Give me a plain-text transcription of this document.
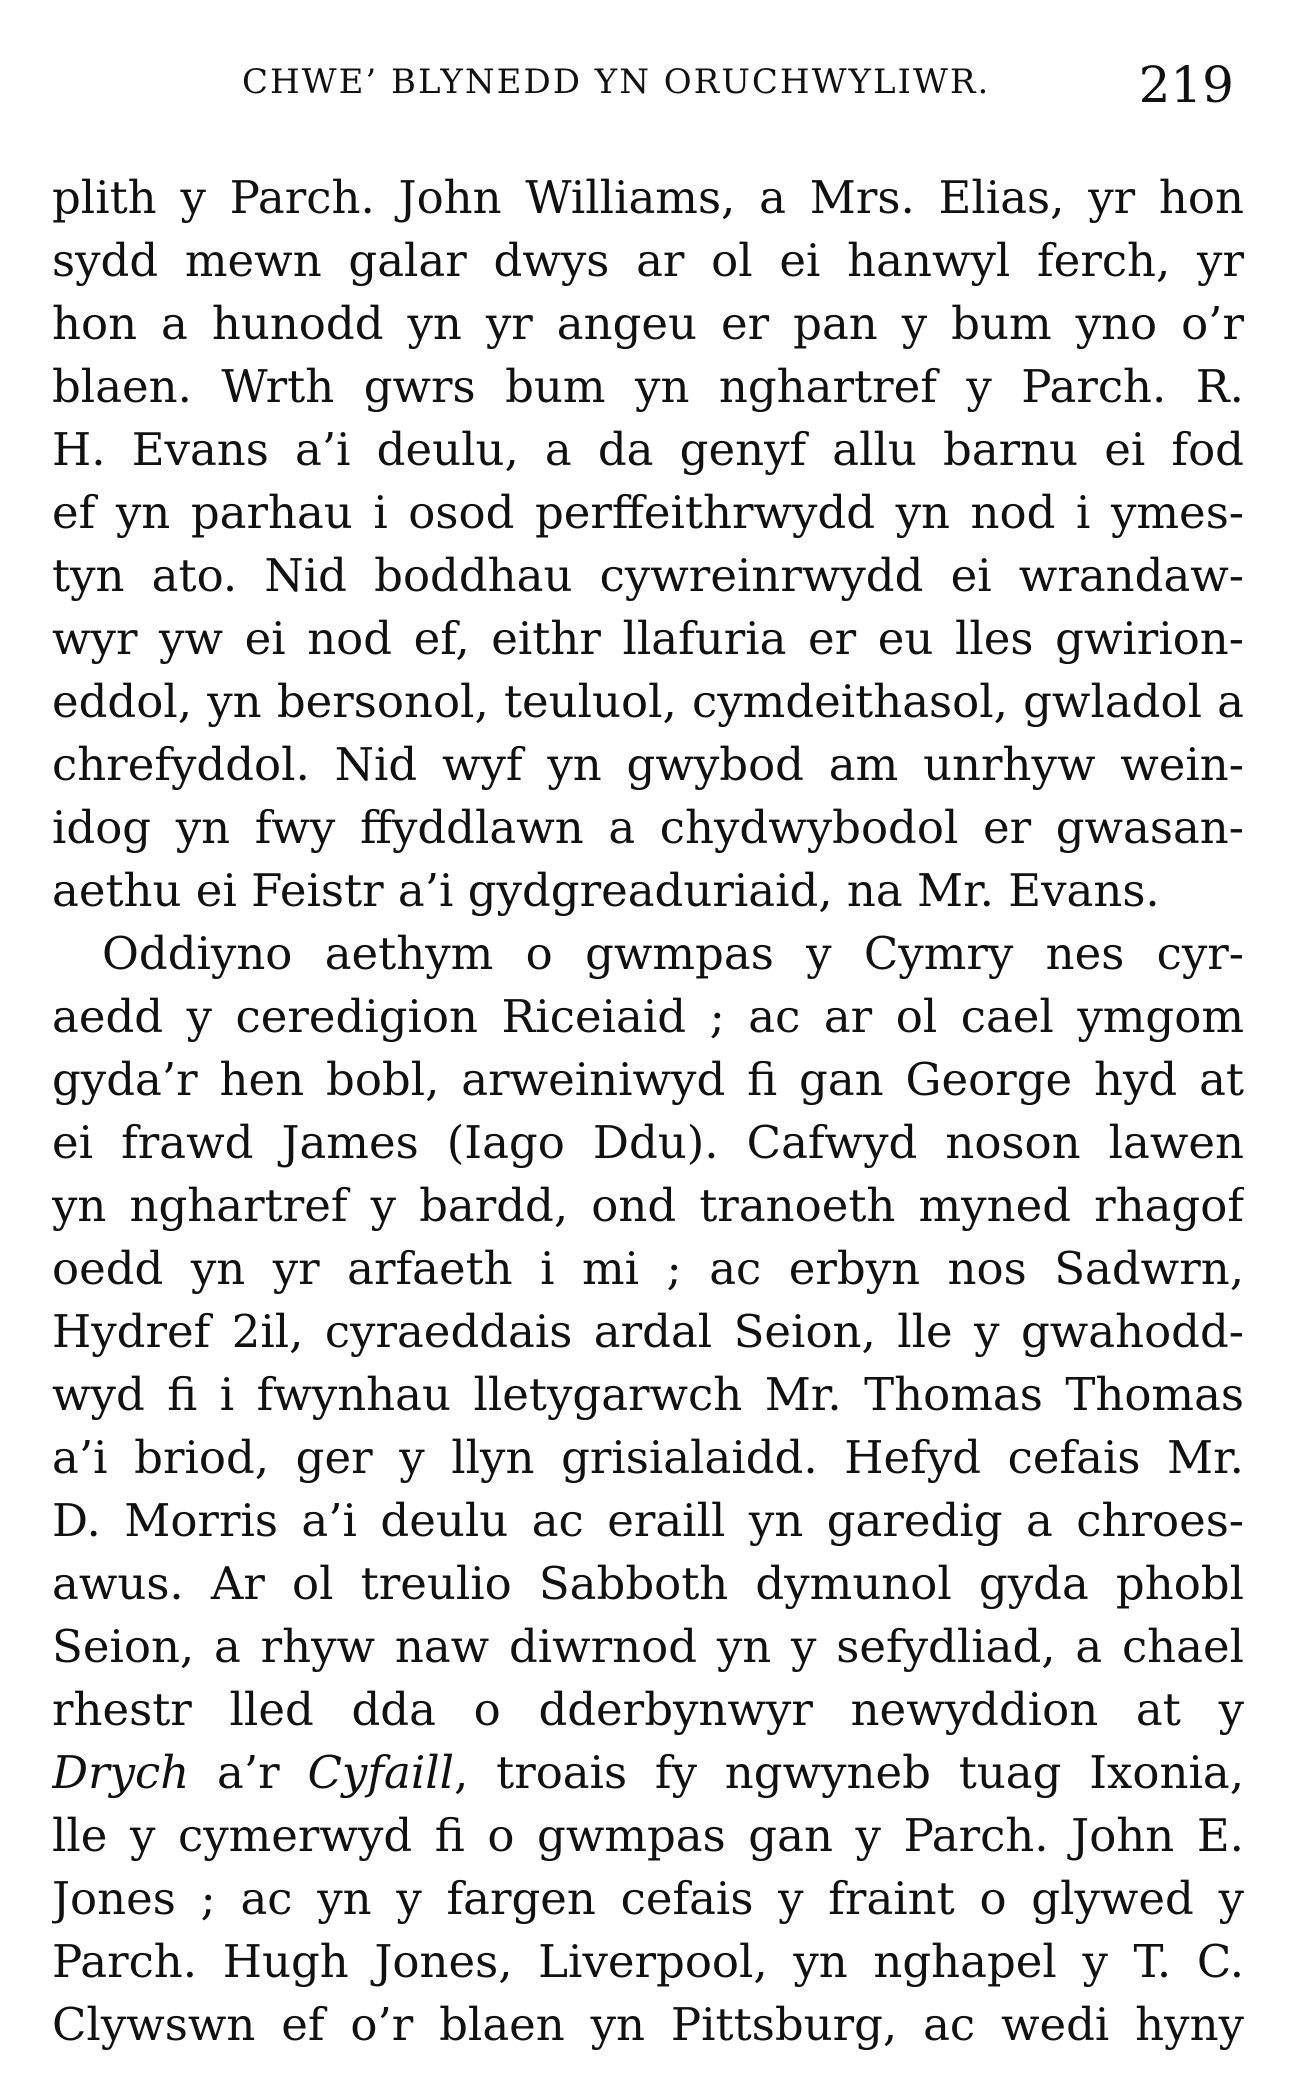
CHWE’ BLYNEDD YN ORUCHWYLIWR.	219
plith y Parch. John Williams, a Mrs. Elias, yr hon
sydd mewn galar dwys ar ol ei hanwyl ferch, yr
hon a hunodd yn yr angeu er pan y bum yno o’r
blaen. Wrth gwrs bum yn nghartref y Parch. R.
H. Evans a’i deulu, a da genyf allu barnu ei fod
ef yn parhau i osod perffeithrwydd yn nod i ymes-
tyn ato. Nid boddhau cywreinrwydd ei wrandaw-
wyr yw ei nod ef, eithr llafuria er eu lles gwirion-
eddol, yn bersonol, teuluol, cymdeithasol, gwladol a
chrefyddol. Nid wyf yn gwybod am unrhyw wein-
idog yn fwy ffyddlawn a chydwybodol er gwasan-
aethu ei Feistr a’i gydgreaduriaid, na Mr. Evans.
Oddiyno aethym o gwmpas y Cymry nes cyr-
aedd y ceredigion Riceiaid ; ac ar ol cael ymgom
gyda’r hen bobl, arweiniwyd fi gan George hyd at
ei frawd James (Iago Ddu). Cafwyd noson lawen
yn nghartref y bardd, ond tranoeth myned rhagof
oedd yn yr arfaeth i mi ; ac erbyn nos Sadwrn,
Hydref 2il, cyraeddais ardal Seion, lle y gwahodd-
wyd fi i fwynhau lletygarwch Mr. Thomas Thomas
a’i briod, ger y llyn grisialaidd. Hefyd cefais Mr.
D. Morris a’i deulu ac eraill yn garedig a chroes-
awus. Ar ol treulio Sabboth dymunol gyda phobl
Seion, a rhyw naw diwrnod yn y sefydliad, a chael
rhestr lled dda o dderbynwyr newyddion at y
Drych a’r Cyfaill, troais fy ngwyneb tuag Ixonia,
lle y cymerwyd fi o gwmpas gan y Parch. John E.
Jones ; ac yn y fargen cefais y fraint o glywed y
Parch. Hugh Jones, Liverpool, yn nghapel y T. C.
Clywswn ef o’r blaen yn Pittsburg, ac wedi hyny
